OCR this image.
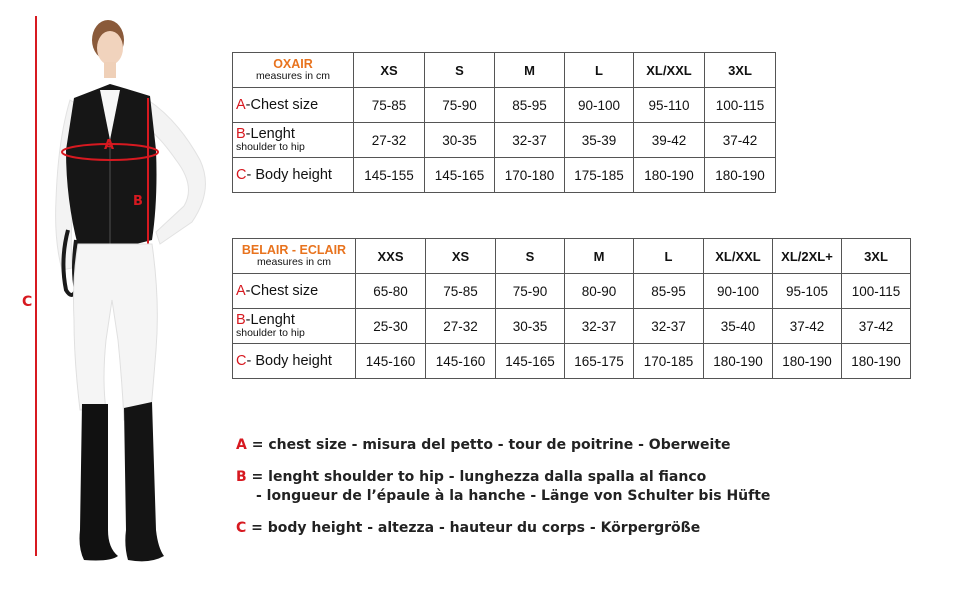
C
A
B
OXAIR
measures in cm	XS	S	M	L	XL/XXL	3XL

A-Chest size	75-85	75-90	85-95	90-100	95-110	100-115

B-Lenght
shoulder to hip	27-32	30-35	32-37	35-39	39-42	37-42

C- Body height	145-155	145-165	170-180	175-185	180-190	180-190
BELAIR - ECLAIR
measures in cm	XXS	XS	S	M	L	XL/XXL	XL/2XL+	3XL

A-Chest size	65-80	75-85	75-90	80-90	85-95	90-100	95-105	100-115

B-Lenght
shoulder to hip	25-30	27-32	30-35	32-37	32-37	35-40	37-42	37-42

C- Body height	145-160	145-160	145-165	165-175	170-185	180-190	180-190	180-190
A = chest size - misura del petto - tour de poitrine - Oberweite
B = lenght shoulder to hip - lunghezza dalla spalla al fianco
- longueur de l’épaule à la hanche - Länge von Schulter bis Hüfte
C = body height - altezza - hauteur du corps - Körpergröße
